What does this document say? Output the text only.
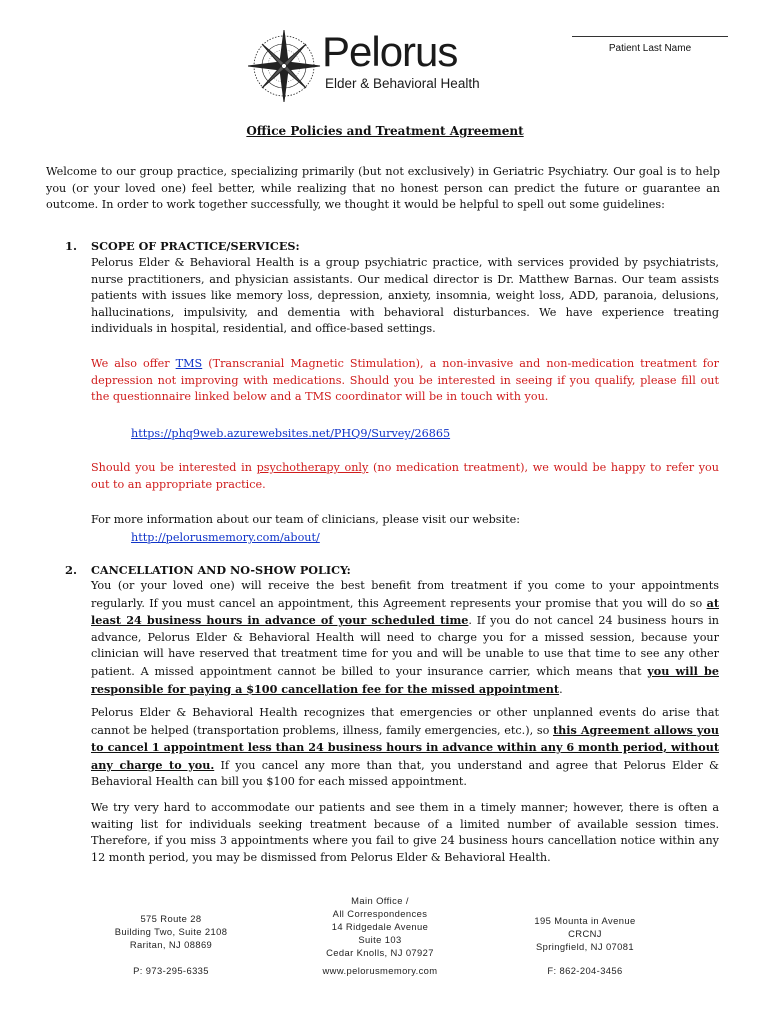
Patient Last Name
Pelorus
Elder & Behavioral Health
Office Policies and Treatment Agreement
Welcome to our group practice, specializing primarily (but not exclusively) in Geriatric Psychiatry. Our goal is to help you (or your loved one) feel better, while realizing that no honest person can predict the future or guarantee an outcome. In order to work together successfully, we thought it would be helpful to spell out some guidelines:
1. SCOPE OF PRACTICE/SERVICES:
Pelorus Elder & Behavioral Health is a group psychiatric practice, with services provided by psychiatrists, nurse practitioners, and physician assistants. Our medical director is Dr. Matthew Barnas. Our team assists patients with issues like memory loss, depression, anxiety, insomnia, weight loss, ADD, paranoia, delusions, hallucinations, impulsivity, and dementia with behavioral disturbances. We have experience treating individuals in hospital, residential, and office-based settings.
We also offer TMS (Transcranial Magnetic Stimulation), a non-invasive and non-medication treatment for depression not improving with medications. Should you be interested in seeing if you qualify, please fill out the questionnaire linked below and a TMS coordinator will be in touch with you.
https://phq9web.azurewebsites.net/PHQ9/Survey/26865
Should you be interested in psychotherapy only (no medication treatment), we would be happy to refer you out to an appropriate practice.
For more information about our team of clinicians, please visit our website:
http://pelorusmemory.com/about/
2. CANCELLATION AND NO-SHOW POLICY:
You (or your loved one) will receive the best benefit from treatment if you come to your appointments regularly. If you must cancel an appointment, this Agreement represents your promise that you will do so at least 24 business hours in advance of your scheduled time. If you do not cancel 24 business hours in advance, Pelorus Elder & Behavioral Health will need to charge you for a missed session, because your clinician will have reserved that treatment time for you and will be unable to use that time to see any other patient. A missed appointment cannot be billed to your insurance carrier, which means that you will be responsible for paying a $100 cancellation fee for the missed appointment.
Pelorus Elder & Behavioral Health recognizes that emergencies or other unplanned events do arise that cannot be helped (transportation problems, illness, family emergencies, etc.), so this Agreement allows you to cancel 1 appointment less than 24 business hours in advance within any 6 month period, without any charge to you. If you cancel any more than that, you understand and agree that Pelorus Elder & Behavioral Health can bill you $100 for each missed appointment.
We try very hard to accommodate our patients and see them in a timely manner; however, there is often a waiting list for individuals seeking treatment because of a limited number of available session times. Therefore, if you miss 3 appointments where you fail to give 24 business hours cancellation notice within any 12 month period, you may be dismissed from Pelorus Elder & Behavioral Health.
575 Route 28
Building Two, Suite 2108
Raritan, NJ 08869
Main Office /
All Correspondences
14 Ridgedale Avenue
Suite 103
Cedar Knolls, NJ 07927
195 Mounta in Avenue
CRCNJ
Springfield, NJ 07081
P: 973-295-6335	www.pelorusmemory.com	F: 862-204-3456
